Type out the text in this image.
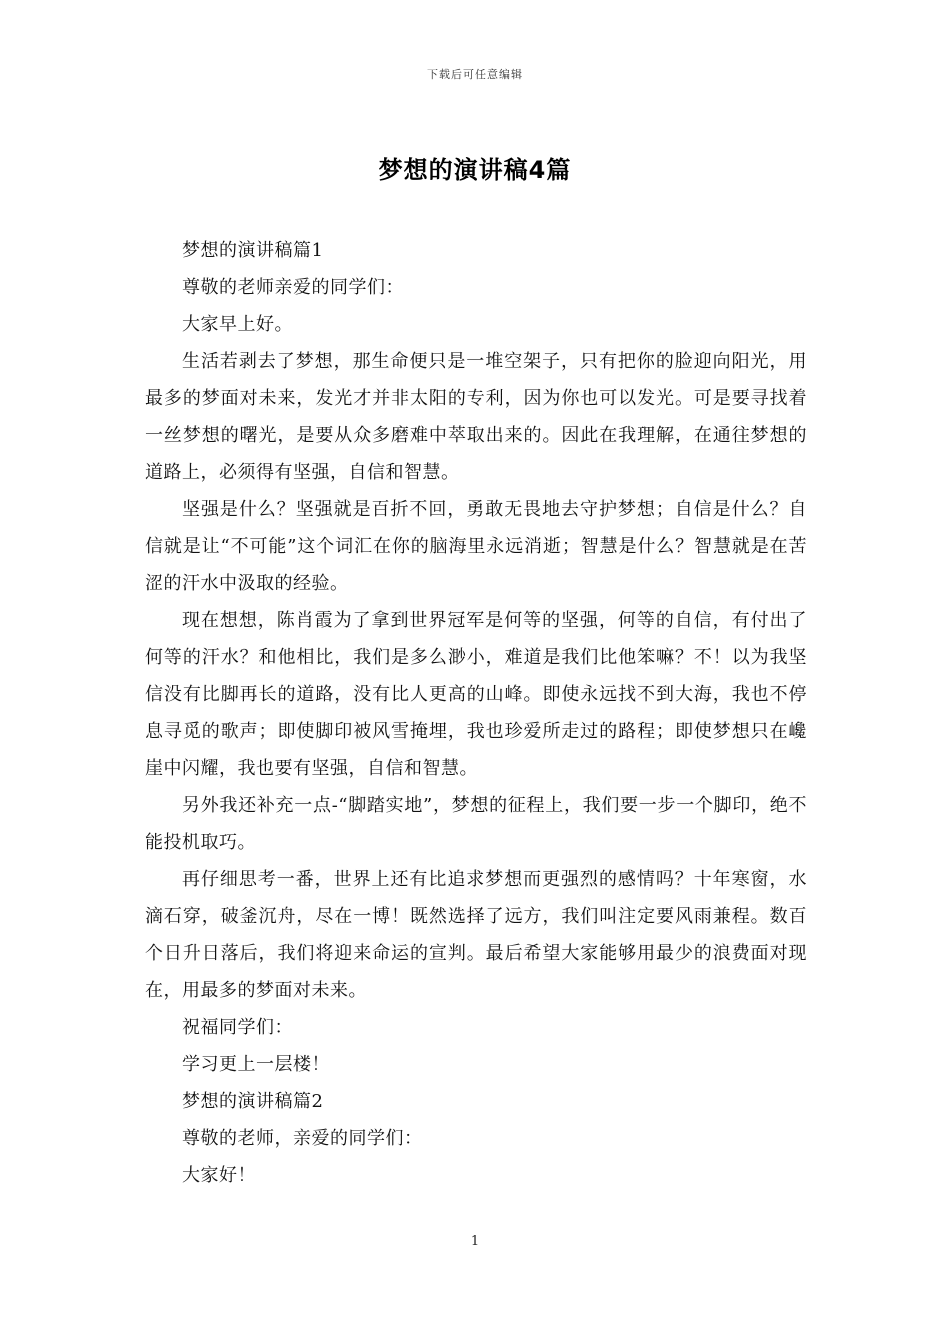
下载后可任意编辑
梦想的演讲稿4篇

梦想的演讲稿篇1

尊敬的老师亲爱的同学们：

大家早上好。

生活若剥去了梦想，那生命便只是一堆空架子，只有把你的脸迎向阳光，用最多的梦面对未来，发光才并非太阳的专利，因为你也可以发光。可是要寻找着一丝梦想的曙光，是要从众多磨难中萃取出来的。因此在我理解，在通往梦想的道路上，必须得有坚强，自信和智慧。

坚强是什么？坚强就是百折不回，勇敢无畏地去守护梦想；自信是什么？自信就是让“不可能”这个词汇在你的脑海里永远消逝；智慧是什么？智慧就是在苦涩的汗水中汲取的经验。

现在想想，陈肖霞为了拿到世界冠军是何等的坚强，何等的自信，有付出了何等的汗水？和他相比，我们是多么渺小，难道是我们比他笨嘛？不！以为我坚信没有比脚再长的道路，没有比人更高的山峰。即使永远找不到大海，我也不停息寻觅的歌声；即使脚印被风雪掩埋，我也珍爱所走过的路程；即使梦想只在巉崖中闪耀，我也要有坚强，自信和智慧。

另外我还补充一点-“脚踏实地”，梦想的征程上，我们要一步一个脚印，绝不能投机取巧。

再仔细思考一番，世界上还有比追求梦想而更强烈的感情吗？十年寒窗，水滴石穿，破釜沉舟，尽在一博！既然选择了远方，我们叫注定要风雨兼程。数百个日升日落后，我们将迎来命运的宣判。最后希望大家能够用最少的浪费面对现在，用最多的梦面对未来。

祝福同学们：

学习更上一层楼！

梦想的演讲稿篇2

尊敬的老师，亲爱的同学们：

大家好！

1
